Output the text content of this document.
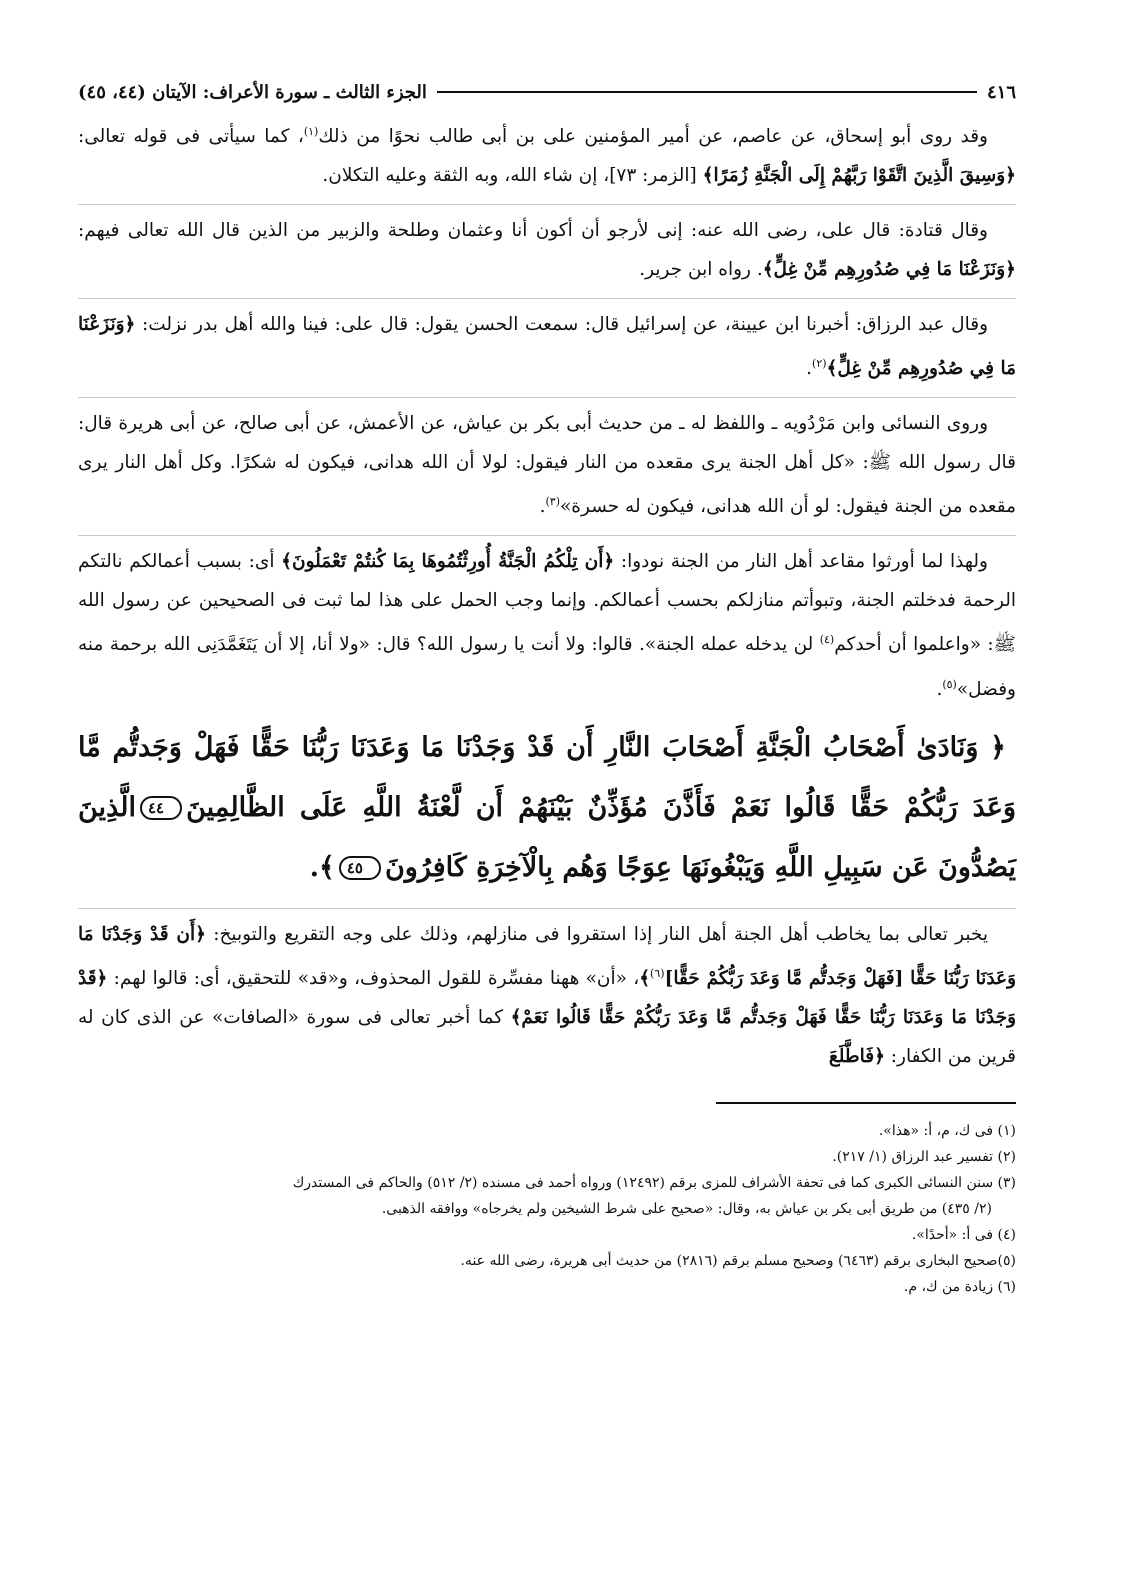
٤١٦
الجزء الثالث ـ سورة الأعراف: الآيتان (٤٤، ٤٥)

وقد روى أبو إسحاق، عن عاصم، عن أمير المؤمنين على بن أبى طالب نحوًا من ذلك$^{(١)}$، كما سيأتى فى قوله تعالى: ﴿وَسِيقَ الَّذِينَ اتَّقَوْا رَبَّهُمْ إِلَى الْجَنَّةِ زُمَرًا﴾ [الزمر: ٧٣]، إن شاء الله، وبه الثقة وعليه التكلان.

وقال قتادة: قال على، رضى الله عنه: إنى لأرجو أن أكون أنا وعثمان وطلحة والزبير من الذين قال الله تعالى فيهم: ﴿وَنَزَعْنَا مَا فِي صُدُورِهِم مِّنْ غِلٍّ﴾. رواه ابن جرير.

وقال عبد الرزاق: أخبرنا ابن عيينة، عن إسرائيل قال: سمعت الحسن يقول: قال على: فينا والله أهل بدر نزلت: ﴿وَنَزَعْنَا مَا فِي صُدُورِهِم مِّنْ غِلٍّ﴾$^{(٢)}$.

وروى النسائى وابن مَرْدُويه ـ واللفظ له ـ من حديث أبى بكر بن عياش، عن الأعمش، عن أبى صالح، عن أبى هريرة قال: قال رسول الله ﷺ: «كل أهل الجنة يرى مقعده من النار فيقول: لولا أن الله هدانى، فيكون له شكرًا. وكل أهل النار يرى مقعده من الجنة فيقول: لو أن الله هدانى، فيكون له حسرة»$^{(٣)}$.

ولهذا لما أورثوا مقاعد أهل النار من الجنة نودوا: ﴿أَن تِلْكُمُ الْجَنَّةُ أُورِثْتُمُوهَا بِمَا كُنتُمْ تَعْمَلُونَ﴾ أى: بسبب أعمالكم نالتكم الرحمة فدخلتم الجنة، وتبوأتم منازلكم بحسب أعمالكم. وإنما وجب الحمل على هذا لما ثبت فى الصحيحين عن رسول الله ﷺ: «واعلموا أن أحدكم$^{(٤)}$ لن يدخله عمله الجنة». قالوا: ولا أنت يا رسول الله؟ قال: «ولا أنا، إلا أن يَتَغَمَّدَنِى الله برحمة منه وفضل»$^{(٥)}$.

﴿ وَنَادَىٰ أَصْحَابُ الْجَنَّةِ أَصْحَابَ النَّارِ أَن قَدْ وَجَدْنَا مَا وَعَدَنَا رَبُّنَا حَقًّا فَهَلْ وَجَدتُّم مَّا وَعَدَ رَبُّكُمْ حَقًّا قَالُوا نَعَمْ فَأَذَّنَ مُؤَذِّنٌ بَيْنَهُمْ أَن لَّعْنَةُ اللَّهِ عَلَى الظَّالِمِينَ٤٤الَّذِينَ يَصُدُّونَ عَن سَبِيلِ اللَّهِ وَيَبْغُونَهَا عِوَجًا وَهُم بِالْآخِرَةِ كَافِرُونَ٤٥﴾.

يخبر تعالى بما يخاطب أهل الجنة أهل النار إذا استقروا فى منازلهم، وذلك على وجه التقريع والتوبيخ: ﴿أَن قَدْ وَجَدْنَا مَا وَعَدَنَا رَبُّنَا حَقًّا [فَهَلْ وَجَدتُّم مَّا وَعَدَ رَبُّكُمْ حَقًّا]$^{(٦)}$﴾، «أن» ههنا مفسِّرة للقول المحذوف، و«قد» للتحقيق، أى: قالوا لهم: ﴿قَدْ وَجَدْنَا مَا وَعَدَنَا رَبُّنَا حَقًّا فَهَلْ وَجَدتُّم مَّا وَعَدَ رَبُّكُمْ حَقًّا قَالُوا نَعَمْ﴾ كما أخبر تعالى فى سورة «الصافات» عن الذى كان له قرين من الكفار: ﴿فَاطَّلَعَ

(١) فى ك، م، أ: «هذا».

(٢) تفسير عبد الرزاق (١/ ٢١٧).

(٣) سنن النسائى الكبرى كما فى تحفة الأشراف للمزى برقم (١٢٤٩٢) ورواه أحمد فى مسنده (٢/ ٥١٢) والحاكم فى المستدرك

(٢/ ٤٣٥) من طريق أبى بكر بن عياش به، وقال: «صحيح على شرط الشيخين ولم يخرجاه» ووافقه الذهبى.

(٤) فى أ: «أحدًا».

(٥)صحيح البخارى برقم (٦٤٦٣) وصحيح مسلم برقم (٢٨١٦) من حديث أبى هريرة، رضى الله عنه.

(٦) زيادة من ك، م.
